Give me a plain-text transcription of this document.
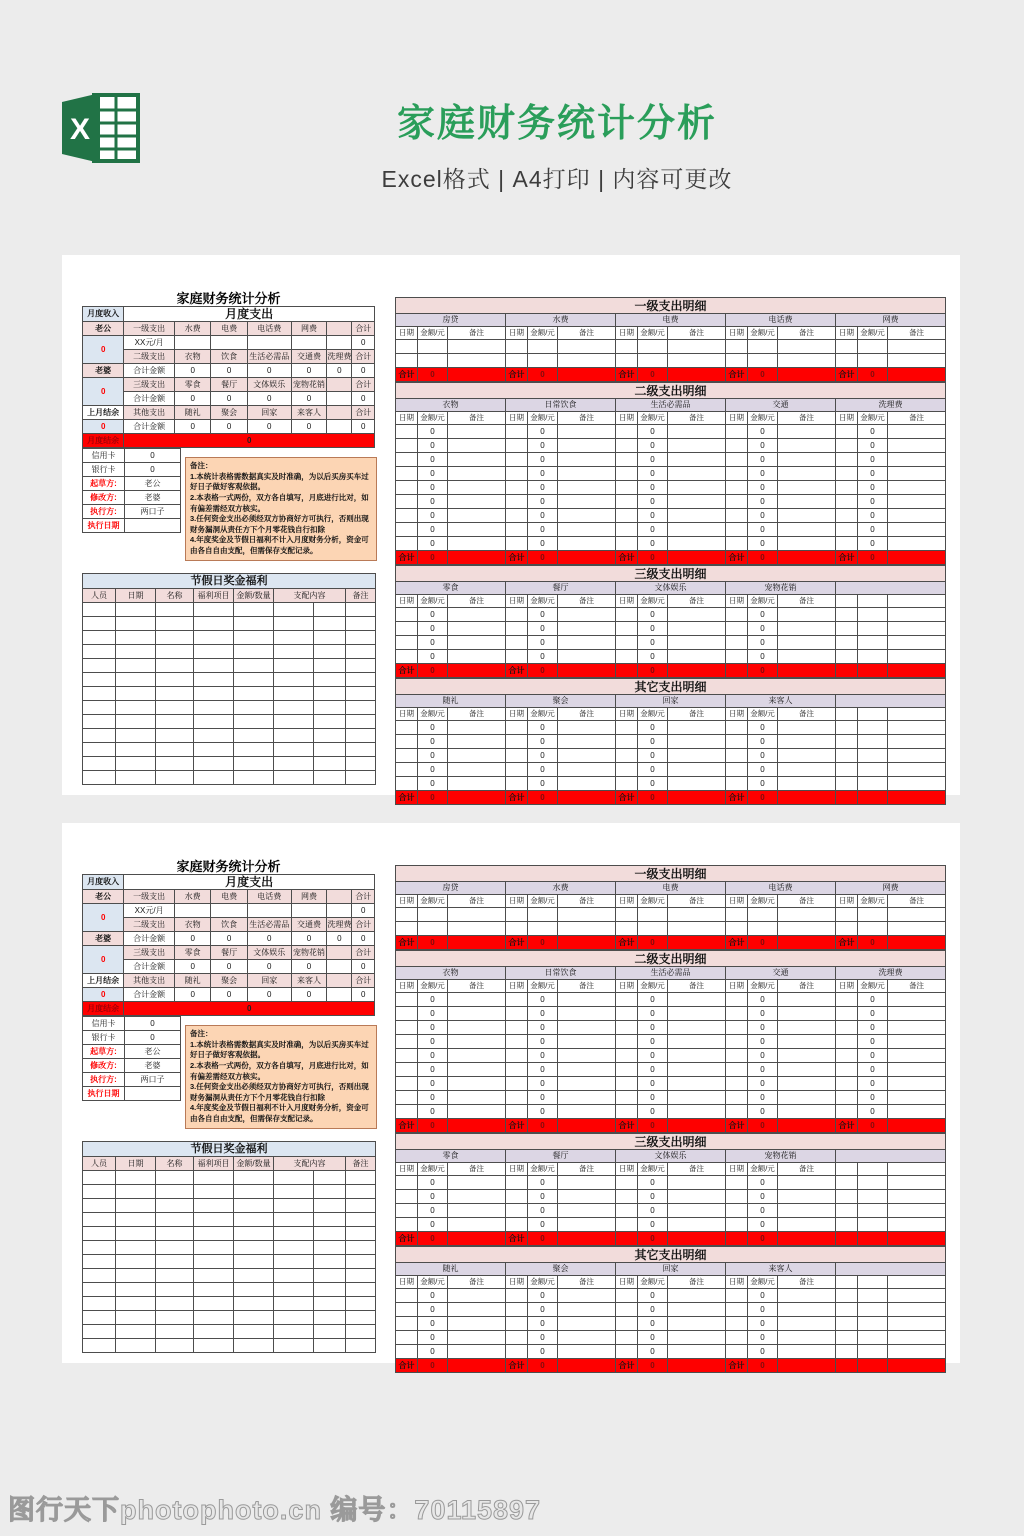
X	家庭财务统计分析
Excel格式 | A4打印 | 内容可更改
家庭财务统计分析
月度收入	月度支出						
老公	一级支出	水费	电费	电话费	网费		合计
0	XX元/月						0
	二级支出	衣物	饮食	生活必需品	交通费	洗理费	合计
老婆	合计金额	0	0	0	0	0	0
0	三级支出	零食	餐厅	文体娱乐	宠物花销		合计
	合计金额	0	0	0	0		0
上月结余	其他支出	随礼	聚会	回家	来客人		合计
0	合计金额	0	0	0	0		0
月度结余	0						
信用卡	0
银行卡	0
起草方:	老公
修改方:	老婆
执行方:	两口子
执行日期	
备注：
1.本统计表格需数据真实及时准确，为以后买房买车过好日子做好客观依据。
2.本表格一式两份，双方各自填写，月底进行比对，如有偏差需经双方核实。
3.任何资金支出必须经双方协商好方可执行，否则出现财务漏洞从责任方下个月零花钱自行扣除
4.年度奖金及节假日福利不计入月度财务分析，资金可由各自自由支配，但需保存支配记录。
节假日奖金福利							
人员	日期	名称	福利项目	金额/数量	支配内容		备注

一级支出明细														
房贷			水费			电费			电话费			网费		
日期	金额/元	备注	日期	金额/元	备注	日期	金额/元	备注	日期	金额/元	备注	日期	金额/元	备注

合计	0		合计	0		合计	0		合计	0		合计	0	
二级支出明细														
衣物			日常饮食			生活必需品			交通			洗理费		
日期	金额/元	备注	日期	金额/元	备注	日期	金额/元	备注	日期	金额/元	备注	日期	金额/元	备注
	0			0			0			0			0	
	0			0			0			0			0	
	0			0			0			0			0	
	0			0			0			0			0	
	0			0			0			0			0	
	0			0			0			0			0	
	0			0			0			0			0	
	0			0			0			0			0	
	0			0			0			0			0	
合计	0		合计	0		合计	0		合计	0		合计	0	
三级支出明细														
零食			餐厅			文体娱乐			宠物花销					
日期	金额/元	备注	日期	金额/元	备注	日期	金额/元	备注	日期	金额/元	备注			
	0			0			0			0				
	0			0			0			0				
	0			0			0			0				
	0			0			0			0				
合计	0		合计	0			0			0				
其它支出明细														
随礼			聚会			回家			来客人					
日期	金额/元	备注	日期	金额/元	备注	日期	金额/元	备注	日期	金额/元	备注			
	0			0			0			0				
	0			0			0			0				
	0			0			0			0				
	0			0			0			0				
	0			0			0			0				
合计	0		合计	0		合计	0		合计	0				
家庭财务统计分析
月度收入	月度支出						
老公	一级支出	水费	电费	电话费	网费		合计
0	XX元/月						0
	二级支出	衣物	饮食	生活必需品	交通费	洗理费	合计
老婆	合计金额	0	0	0	0	0	0
0	三级支出	零食	餐厅	文体娱乐	宠物花销		合计
	合计金额	0	0	0	0		0
上月结余	其他支出	随礼	聚会	回家	来客人		合计
0	合计金额	0	0	0	0		0
月度结余	0						
信用卡	0
银行卡	0
起草方:	老公
修改方:	老婆
执行方:	两口子
执行日期	
备注：
1.本统计表格需数据真实及时准确，为以后买房买车过好日子做好客观依据。
2.本表格一式两份，双方各自填写，月底进行比对，如有偏差需经双方核实。
3.任何资金支出必须经双方协商好方可执行，否则出现财务漏洞从责任方下个月零花钱自行扣除
4.年度奖金及节假日福利不计入月度财务分析，资金可由各自自由支配，但需保存支配记录。
节假日奖金福利							
人员	日期	名称	福利项目	金额/数量	支配内容		备注

一级支出明细														
房贷			水费			电费			电话费			网费		
日期	金额/元	备注	日期	金额/元	备注	日期	金额/元	备注	日期	金额/元	备注	日期	金额/元	备注

合计	0		合计	0		合计	0		合计	0		合计	0	
二级支出明细														
衣物			日常饮食			生活必需品			交通			洗理费		
日期	金额/元	备注	日期	金额/元	备注	日期	金额/元	备注	日期	金额/元	备注	日期	金额/元	备注
	0			0			0			0			0	
	0			0			0			0			0	
	0			0			0			0			0	
	0			0			0			0			0	
	0			0			0			0			0	
	0			0			0			0			0	
	0			0			0			0			0	
	0			0			0			0			0	
	0			0			0			0			0	
合计	0		合计	0		合计	0		合计	0		合计	0	
三级支出明细														
零食			餐厅			文体娱乐			宠物花销					
日期	金额/元	备注	日期	金额/元	备注	日期	金额/元	备注	日期	金额/元	备注			
	0			0			0			0				
	0			0			0			0				
	0			0			0			0				
	0			0			0			0				
合计	0		合计	0			0			0				
其它支出明细														
随礼			聚会			回家			来客人					
日期	金额/元	备注	日期	金额/元	备注	日期	金额/元	备注	日期	金额/元	备注			
	0			0			0			0				
	0			0			0			0				
	0			0			0			0				
	0			0			0			0				
	0			0			0			0				
合计	0		合计	0		合计	0		合计	0				
图行天下photophoto.cn 编号：70115897
